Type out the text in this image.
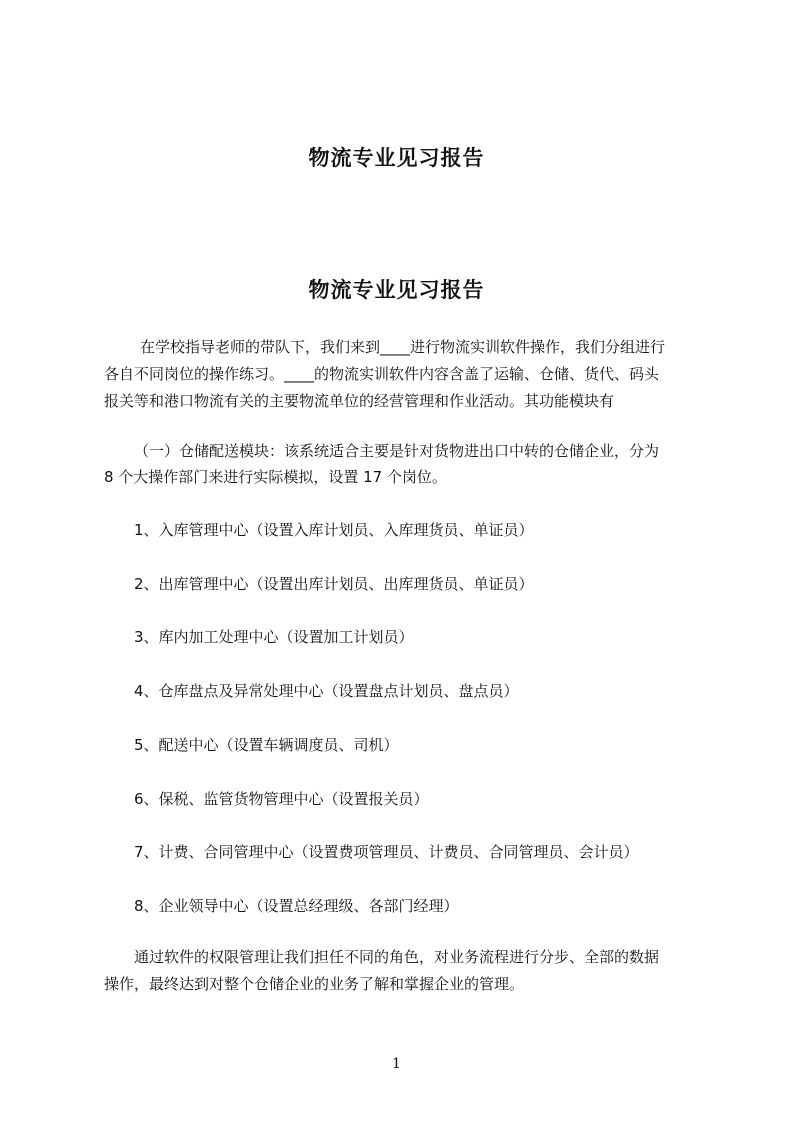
物流专业见习报告
物流专业见习报告
在学校指导老师的带队下，我们来到____进行物流实训软件操作，我们分组进行
各自不同岗位的操作练习。____的物流实训软件内容含盖了运输、仓储、货代、码头
报关等和港口物流有关的主要物流单位的经营管理和作业活动。其功能模块有
（一）仓储配送模块：该系统适合主要是针对货物进出口中转的仓储企业，分为
8 个大操作部门来进行实际模拟，设置 17 个岗位。
1、入库管理中心（设置入库计划员、入库理货员、单证员）
2、出库管理中心（设置出库计划员、出库理货员、单证员）
3、库内加工处理中心（设置加工计划员）
4、仓库盘点及异常处理中心（设置盘点计划员、盘点员）
5、配送中心（设置车辆调度员、司机）
6、保税、监管货物管理中心（设置报关员）
7、计费、合同管理中心（设置费项管理员、计费员、合同管理员、会计员）
8、企业领导中心（设置总经理级、各部门经理）
通过软件的权限管理让我们担任不同的角色，对业务流程进行分步、全部的数据
操作，最终达到对整个仓储企业的业务了解和掌握企业的管理。
1
